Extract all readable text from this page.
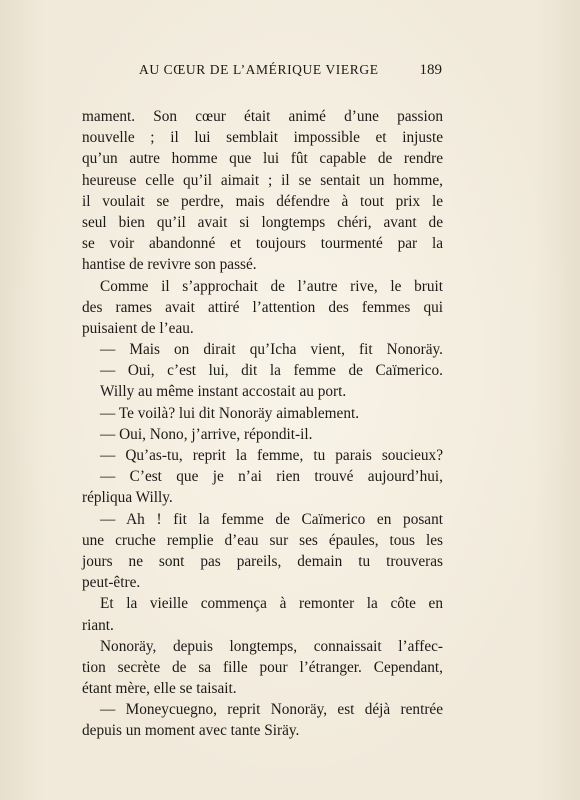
AU CŒUR DE L’AMÉRIQUE VIERGE	189
mament. Son cœur était animé d’une passion
nouvelle ; il lui semblait impossible et injuste
qu’un autre homme que lui fût capable de rendre
heureuse celle qu’il aimait ; il se sentait un homme,
il voulait se perdre, mais défendre à tout prix le
seul bien qu’il avait si longtemps chéri, avant de
se voir abandonné et toujours tourmenté par la
hantise de revivre son passé.
Comme il s’approchait de l’autre rive, le bruit
des rames avait attiré l’attention des femmes qui
puisaient de l’eau.
— Mais on dirait qu’Icha vient, fit Nonoräy.
— Oui, c’est lui, dit la femme de Caïmerico.
Willy au même instant accostait au port.
— Te voilà? lui dit Nonoräy aimablement.
— Oui, Nono, j’arrive, répondit-il.
— Qu’as-tu, reprit la femme, tu parais soucieux?
— C’est que je n’ai rien trouvé aujourd’hui,
répliqua Willy.
— Ah ! fit la femme de Caïmerico en posant
une cruche remplie d’eau sur ses épaules, tous les
jours ne sont pas pareils, demain tu trouveras
peut-être.
Et la vieille commença à remonter la côte en
riant.
Nonoräy, depuis longtemps, connaissait l’affec-
tion secrète de sa fille pour l’étranger. Cependant,
étant mère, elle se taisait.
— Moneycuegno, reprit Nonoräy, est déjà rentrée
depuis un moment avec tante Siräy.
